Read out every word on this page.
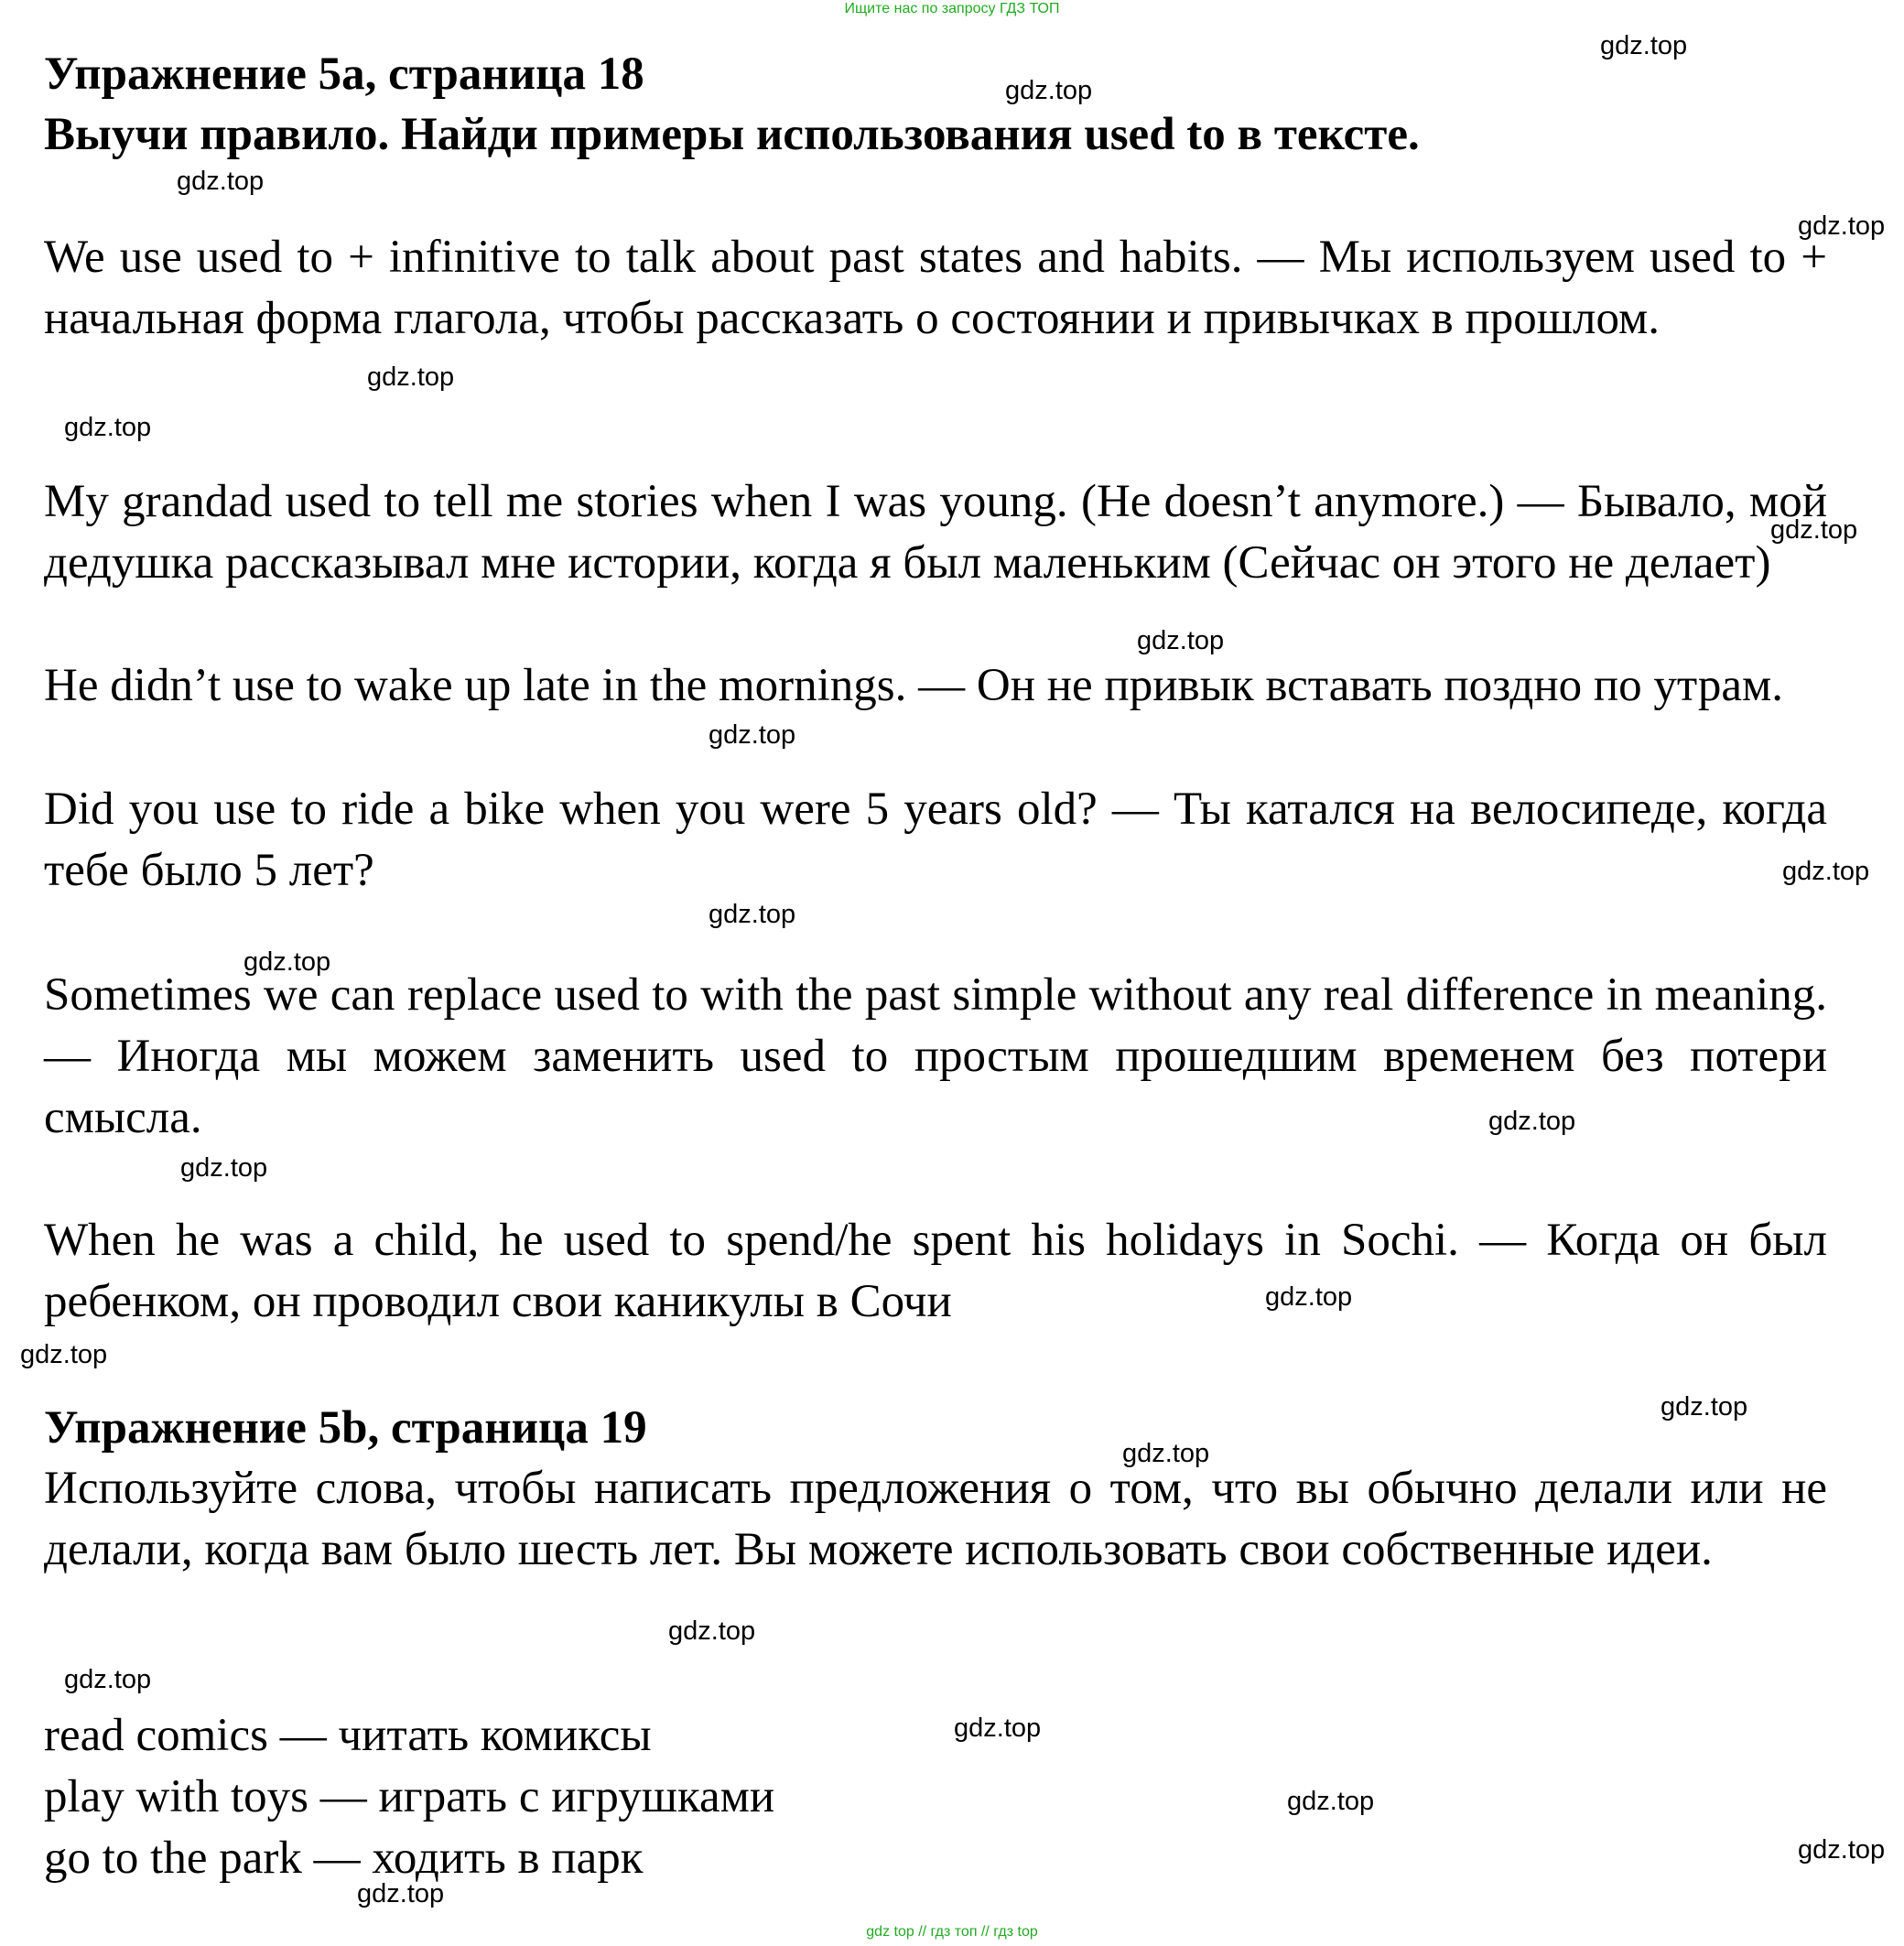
Ищите нас по запросу ГДЗ ТОП
Упражнение 5а, страница 18
Выучи правило. Найди примеры использования used to в тексте.

We use used to + infinitive to talk about past states and habits. — Мы используем used to + начальная форма глагола, чтобы рассказать о состоянии и привычках в прошлом.

My grandad used to tell me stories when I was young. (He doesn’t anymore.) — Бывало, мой дедушка рассказывал мне истории, когда я был маленьким (Сейчас он этого не делает)

He didn’t use to wake up late in the mornings. — Он не привык вставать поздно по утрам.

Did you use to ride a bike when you were 5 years old? — Ты катался на велосипеде, когда тебе было 5 лет?

Sometimes we can replace used to with the past simple without any real difference in meaning. — Иногда мы можем заменить used to простым прошедшим временем без потери смысла.

When he was a child, he used to spend/he spent his holidays in Sochi. — Когда он был ребенком, он проводил свои каникулы в Сочи

Упражнение 5b, страница 19

Используйте слова, чтобы написать предложения о том, что вы обычно делали или не делали, когда вам было шесть лет. Вы можете использовать свои собственные идеи.

read comics — читать комиксы

play with toys — играть с игрушками

go to the park — ходить в парк

gdz.top
gdz.top
gdz.top
gdz.top
gdz.top
gdz.top
gdz.top
gdz.top
gdz.top
gdz.top
gdz.top
gdz.top
gdz.top
gdz.top
gdz.top
gdz.top
gdz.top
gdz.top
gdz.top
gdz.top
gdz.top
gdz.top
gdz.top
gdz.top
gdz top // гдз топ // гдз top
